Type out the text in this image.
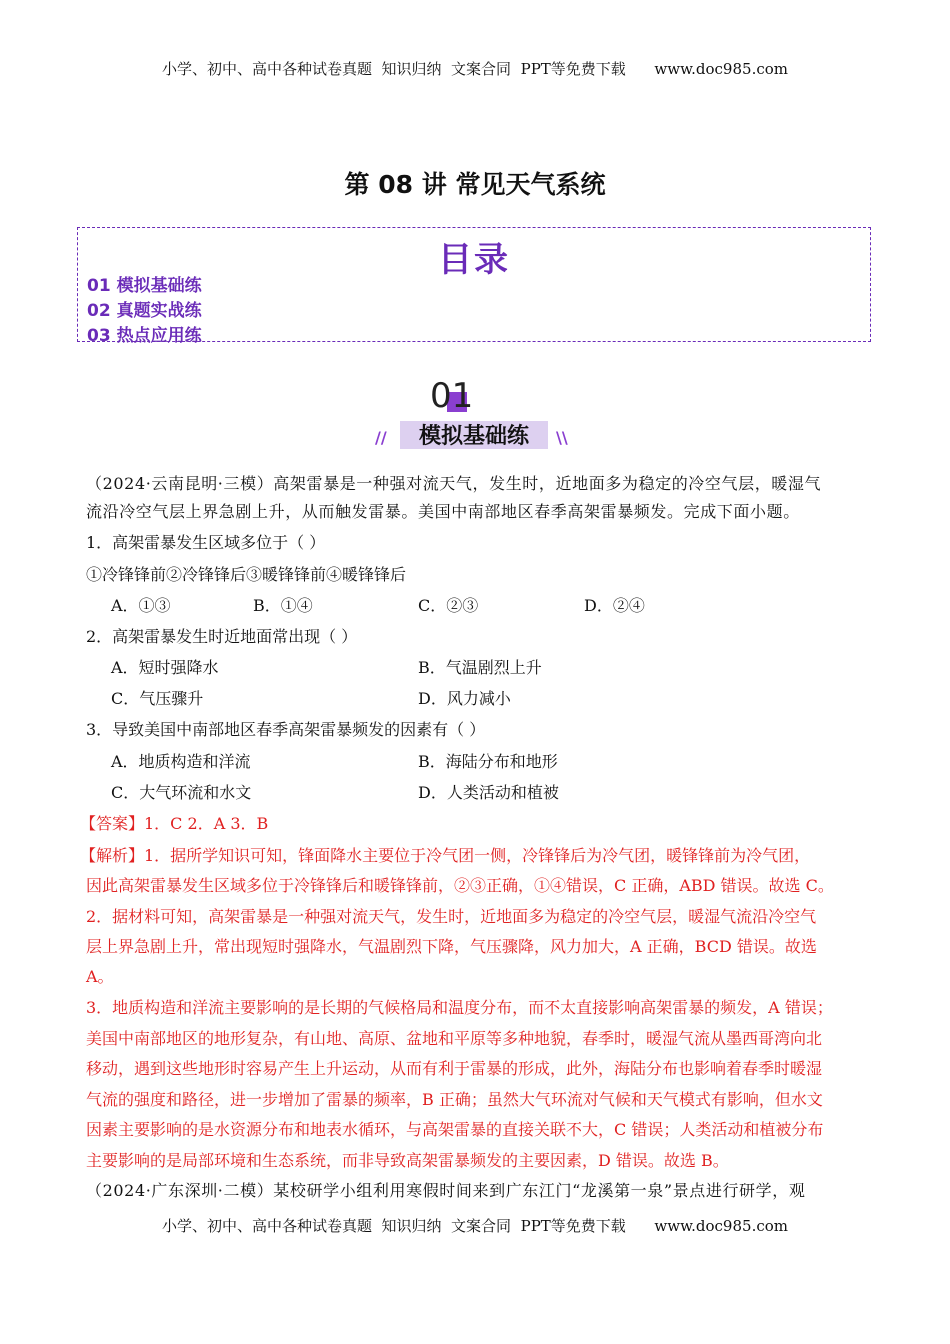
小学、初中、高中各种试卷真题  知识归纳  文案合同  PPT等免费下载      www.doc985.com
第 08 讲 常见天气系统
目录
01 模拟基础练
02 真题实战练
03 热点应用练
01
模拟基础练
//	\\
（2024·云南昆明·三模）高架雷暴是一种强对流天气，发生时，近地面多为稳定的冷空气层，暖湿气
流沿冷空气层上界急剧上升，从而触发雷暴。美国中南部地区春季高架雷暴频发。完成下面小题。
1．高架雷暴发生区域多位于（ ）
①冷锋锋前②冷锋锋后③暖锋锋前④暖锋锋后
A．①③	B．①④	C．②③	D．②④
2．高架雷暴发生时近地面常出现（ ）
A．短时强降水	B．气温剧烈上升
C．气压骤升	D．风力减小
3．导致美国中南部地区春季高架雷暴频发的因素有（ ）
A．地质构造和洋流	B．海陆分布和地形
C．大气环流和水文	D．人类活动和植被
【答案】1．C 2．A 3．B
【解析】1．据所学知识可知，锋面降水主要位于冷气团一侧，冷锋锋后为冷气团，暖锋锋前为冷气团，
因此高架雷暴发生区域多位于冷锋锋后和暖锋锋前，②③正确，①④错误，C 正确，ABD 错误。故选 C。
2．据材料可知，高架雷暴是一种强对流天气，发生时，近地面多为稳定的冷空气层，暖湿气流沿冷空气
层上界急剧上升，常出现短时强降水，气温剧烈下降，气压骤降，风力加大，A 正确，BCD 错误。故选
A。
3．地质构造和洋流主要影响的是长期的气候格局和温度分布，而不太直接影响高架雷暴的频发，A 错误；
美国中南部地区的地形复杂，有山地、高原、盆地和平原等多种地貌，春季时，暖湿气流从墨西哥湾向北
移动，遇到这些地形时容易产生上升运动，从而有利于雷暴的形成，此外，海陆分布也影响着春季时暖湿
气流的强度和路径，进一步增加了雷暴的频率，B 正确；虽然大气环流对气候和天气模式有影响，但水文
因素主要影响的是水资源分布和地表水循环，与高架雷暴的直接关联不大，C 错误；人类活动和植被分布
主要影响的是局部环境和生态系统，而非导致高架雷暴频发的主要因素，D 错误。故选 B。
（2024·广东深圳·二模）某校研学小组利用寒假时间来到广东江门“龙溪第一泉”景点进行研学，观
小学、初中、高中各种试卷真题  知识归纳  文案合同  PPT等免费下载      www.doc985.com
